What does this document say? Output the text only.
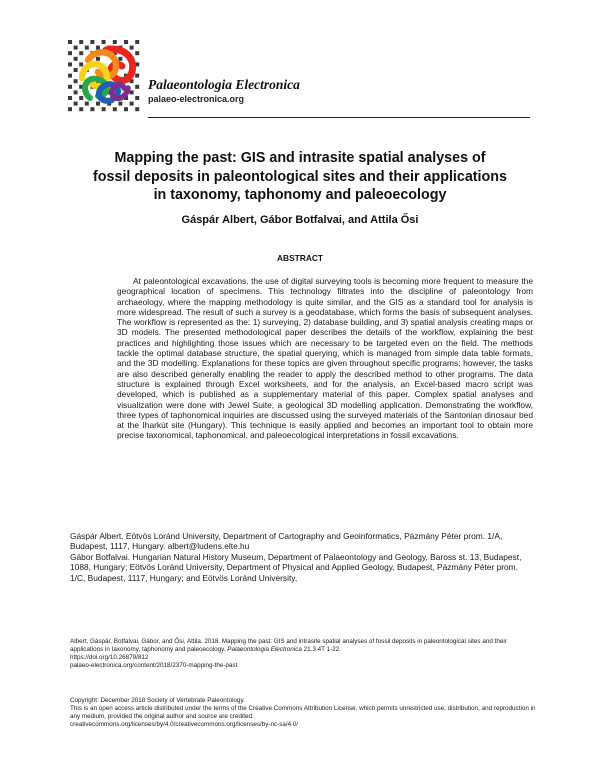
Palaeontologia Electronica
palaeo-electronica.org
Mapping the past: GIS and intrasite spatial analyses of
fossil deposits in paleontological sites and their applications
in taxonomy, taphonomy and paleoecology
Gáspár Albert, Gábor Botfalvai, and Attila Ősi
ABSTRACT

At paleontological excavations, the use of digital surveying tools is becoming more frequent to measure the geographical location of specimens. This technology filtrates into the discipline of paleontology from archaeology, where the mapping methodology is quite similar, and the GIS as a standard tool for analysis is more widespread. The result of such a survey is a geodatabase, which forms the basis of subsequent analyses. The workflow is represented as the: 1) surveying, 2) database building, and 3) spatial analysis creating maps or 3D models. The presented methodological paper describes the details of the workflow, explaining the best practices and highlighting those issues which are necessary to be targeted even on the field. The methods tackle the optimal database structure, the spatial querying, which is managed from simple data table formats, and the 3D modelling. Explanations for these topics are given throughout specific programs; however, the tasks are also described generally enabling the reader to apply the described method to other programs. The data structure is explained through Excel worksheets, and for the analysis, an Excel-based macro script was developed, which is published as a supplementary material of this paper. Complex spatial analyses and visualization were done with Jewel Suite, a geological 3D modelling application. Demonstrating the workflow, three types of taphonomical inquiries are discussed using the surveyed materials of the Santonian dinosaur bed at the Iharkút site (Hungary). This technique is easily applied and becomes an important tool to obtain more precise taxonomical, taphonomical, and paleoecological interpretations in fossil excavations.

Gáspár Albert. Eötvös Loránd University, Department of Cartography and Geoinformatics, Pázmány Péter prom. 1/A, Budapest, 1117, Hungary. albert@ludens.elte.hu

Gábor Botfalvai. Hungarian Natural History Museum, Department of Palaeontology and Geology, Baross st. 13, Budapest, 1088, Hungary; Eötvös Loránd University, Department of Physical and Applied Geology, Budapest, Pázmány Péter prom. 1/C, Budapest, 1117, Hungary; and Eötvös Loránd University,

Albert, Gáspár, Botfalvai, Gábor, and Ősi, Attila. 2018. Mapping the past: GIS and intrasite spatial analyses of fossil deposits in paleontological sites and their applications in taxonomy, taphonomy and paleoecology. Palaeontologia Electronica 21.3.4T 1-22.
https://doi.org/10.26879/812
palaeo-electronica.org/content/2018/2370-mapping-the-past

Copyright: December 2018 Society of Vertebrate Paleontology.

This is an open access article distributed under the terms of the Creative Commons Attribution License, which permits unrestricted use, distribution, and reproduction in any medium, provided the original author and source are credited.

creativecommons.org/licenses/by/4.0/creativecommons.org/licenses/by-nc-sa/4.0/
